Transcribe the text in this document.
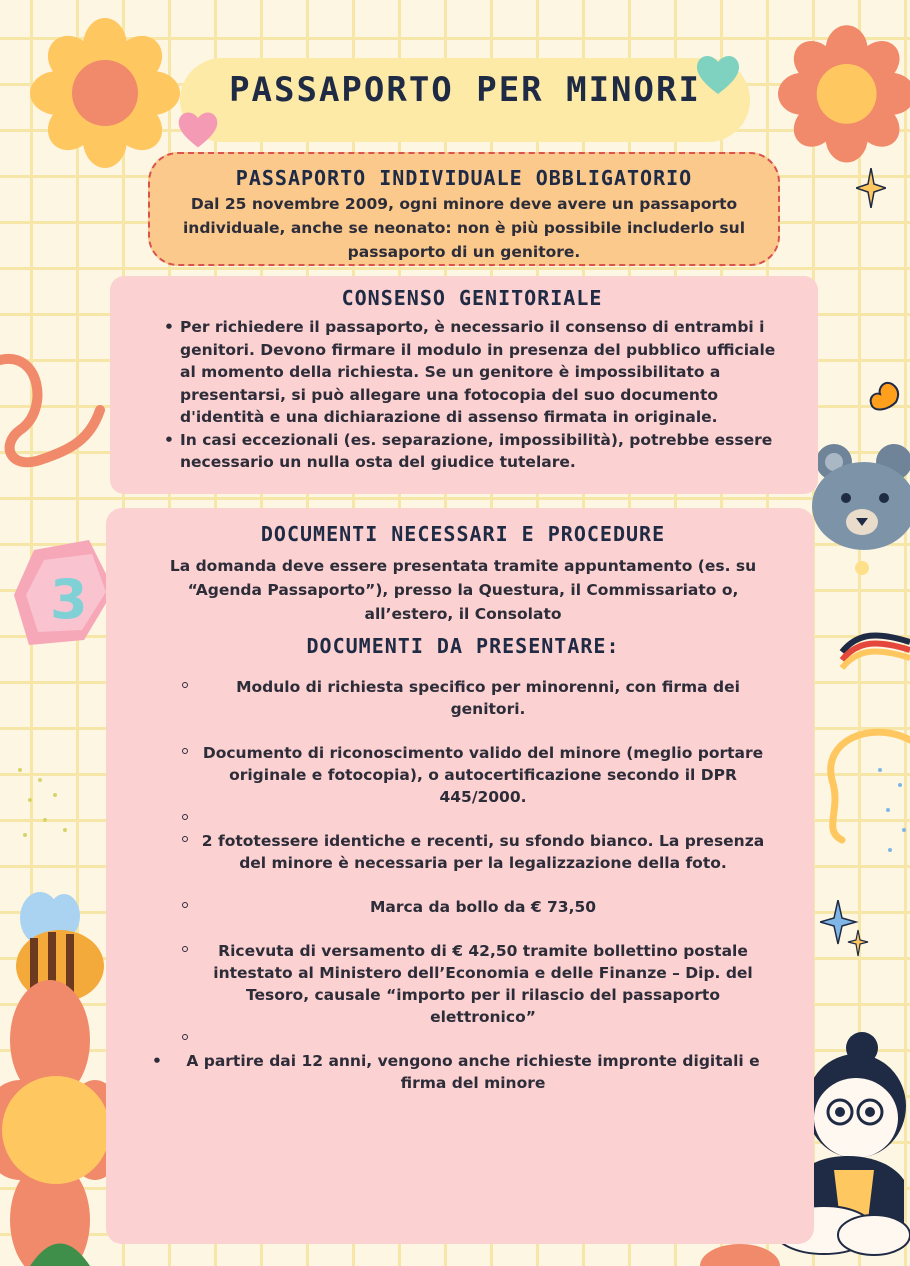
3
PASSAPORTO PER MINORI
PASSAPORTO INDIVIDUALE OBBLIGATORIO
Dal 25 novembre 2009, ogni minore deve avere un passaporto individuale, anche se neonato: non è più possibile includerlo sul passaporto di un genitore.
CONSENSO GENITORIALE
• Per richiedere il passaporto, è necessario il consenso di entrambi i genitori. Devono firmare il modulo in presenza del pubblico ufficiale al momento della richiesta. Se un genitore è impossibilitato a presentarsi, si può allegare una fotocopia del suo documento d'identità e una dichiarazione di assenso firmata in originale.
• In casi eccezionali (es. separazione, impossibilità), potrebbe essere necessario un nulla osta del giudice tutelare.
DOCUMENTI NECESSARI E PROCEDURE
La domanda deve essere presentata tramite appuntamento (es. su “Agenda Passaporto”), presso la Questura, il Commissariato o, all’estero, il Consolato
DOCUMENTI DA PRESENTARE:
Modulo di richiesta specifico per minorenni, con firma dei genitori.
Documento di riconoscimento valido del minore (meglio portare originale e fotocopia), o autocertificazione secondo il DPR 445/2000.
2 fototessere identiche e recenti, su sfondo bianco. La presenza del minore è necessaria per la legalizzazione della foto.
Marca da bollo da € 73,50
Ricevuta di versamento di € 42,50 tramite bollettino postale intestato al Ministero dell’Economia e delle Finanze – Dip. del Tesoro, causale “importo per il rilascio del passaporto elettronico”
• A partire dai 12 anni, vengono anche richieste impronte digitali e firma del minore
